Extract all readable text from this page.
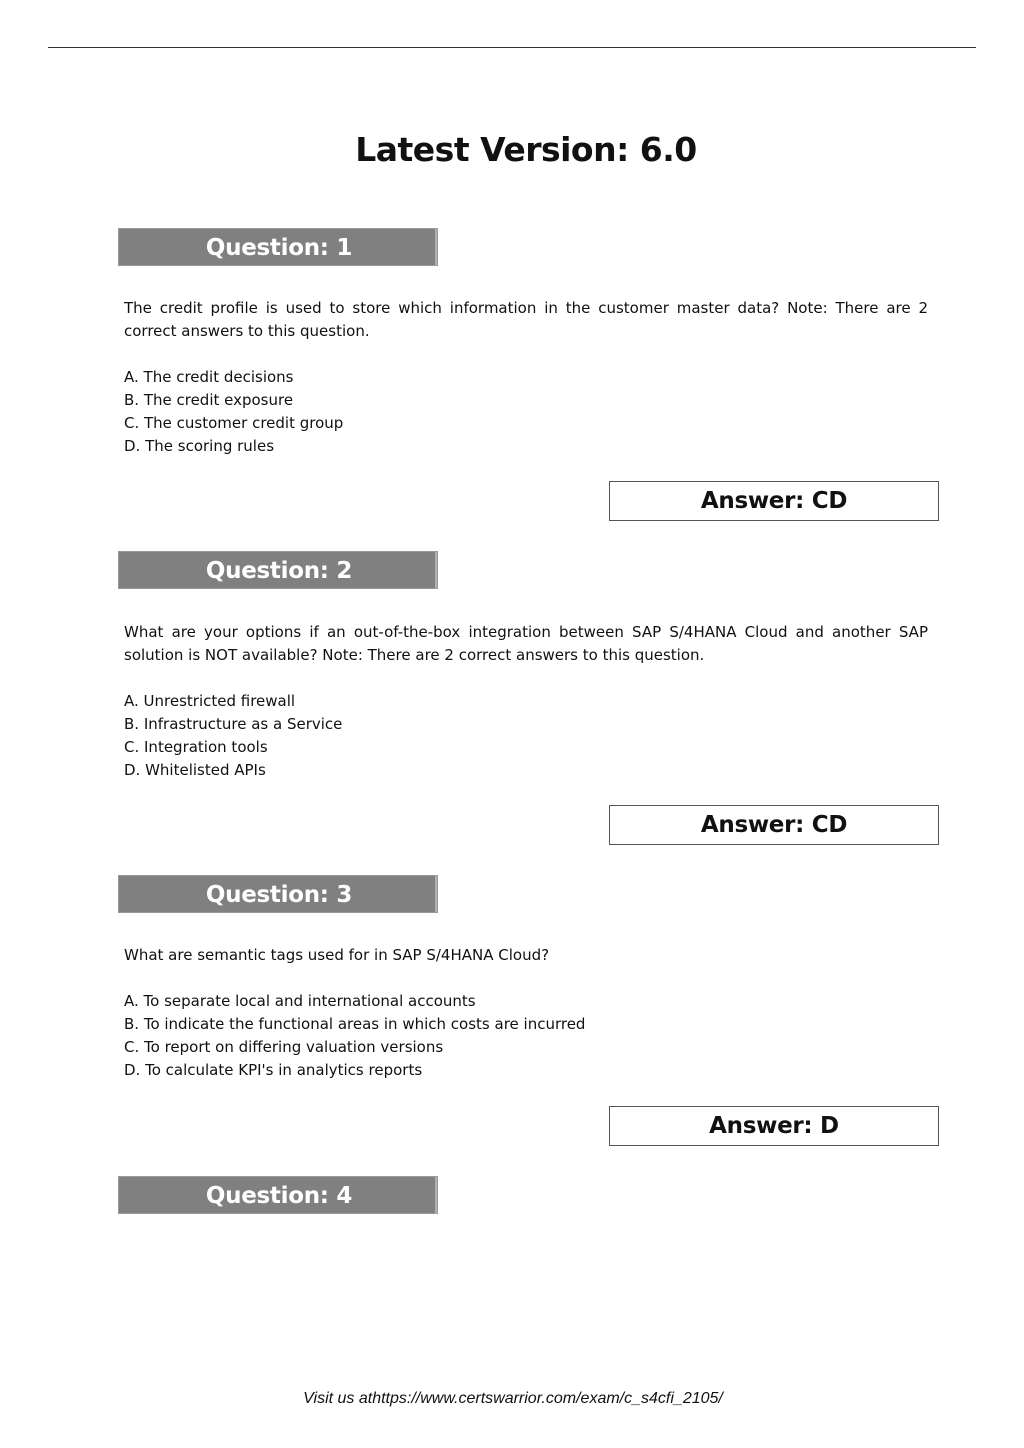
Latest Version: 6.0
Question: 1
The credit profile is used to store which information in the customer master data? Note: There are 2 correct answers to this question.
A. The credit decisions
B. The credit exposure
C. The customer credit group
D. The scoring rules
Answer: CD
Question: 2
What are your options if an out-of-the-box integration between SAP S/4HANA Cloud and another SAP solution is NOT available? Note: There are 2 correct answers to this question.
A. Unrestricted firewall
B. Infrastructure as a Service
C. Integration tools
D. Whitelisted APIs
Answer: CD
Question: 3
What are semantic tags used for in SAP S/4HANA Cloud?
A. To separate local and international accounts
B. To indicate the functional areas in which costs are incurred
C. To report on differing valuation versions
D. To calculate KPI's in analytics reports
Answer: D
Question: 4
Visit us athttps://www.certswarrior.com/exam/c_s4cfi_2105/
